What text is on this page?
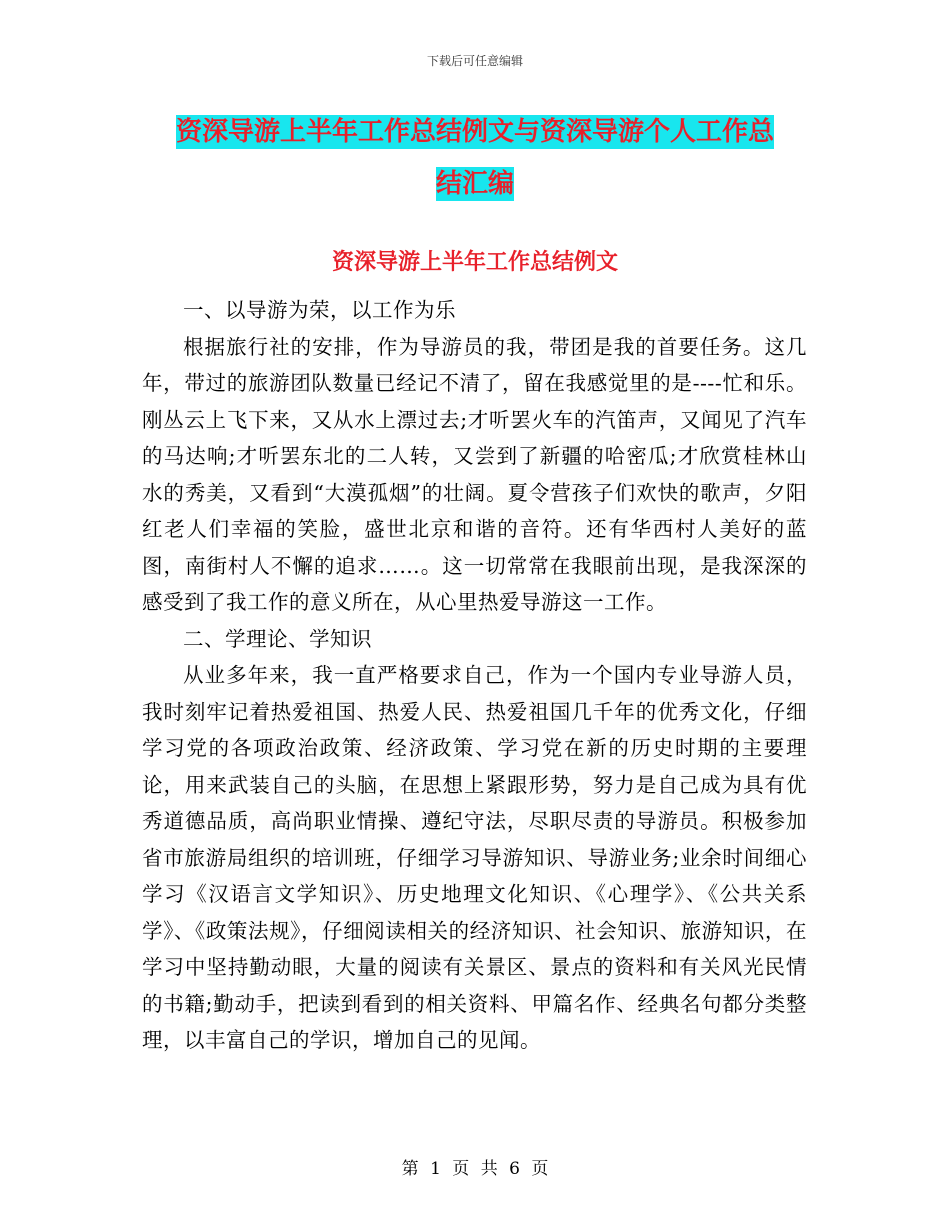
下载后可任意编辑
资深导游上半年工作总结例文与资深导游个人工作总
结汇编
资深导游上半年工作总结例文

一、以导游为荣，以工作为乐

根据旅行社的安排，作为导游员的我，带团是我的首要任务。这几年，带过的旅游团队数量已经记不清了，留在我感觉里的是----忙和乐。刚丛云上飞下来，又从水上漂过去;才听罢火车的汽笛声，又闻见了汽车的马达响;才听罢东北的二人转，又尝到了新疆的哈密瓜;才欣赏桂林山水的秀美，又看到“大漠孤烟”的壮阔。夏令营孩子们欢快的歌声，夕阳红老人们幸福的笑脸，盛世北京和谐的音符。还有华西村人美好的蓝图，南街村人不懈的追求……。这一切常常在我眼前出现，是我深深的感受到了我工作的意义所在，从心里热爱导游这一工作。

二、学理论、学知识

从业多年来，我一直严格要求自己，作为一个国内专业导游人员，我时刻牢记着热爱祖国、热爱人民、热爱祖国几千年的优秀文化，仔细学习党的各项政治政策、经济政策、学习党在新的历史时期的主要理论，用来武装自己的头脑，在思想上紧跟形势，努力是自己成为具有优秀道德品质，高尚职业情操、遵纪守法，尽职尽责的导游员。积极参加省市旅游局组织的培训班，仔细学习导游知识、导游业务;业余时间细心学习《汉语言文学知识》、历史地理文化知识、《心理学》、《公共关系学》、《政策法规》，仔细阅读相关的经济知识、社会知识、旅游知识，在学习中坚持勤动眼，大量的阅读有关景区、景点的资料和有关风光民情的书籍;勤动手，把读到看到的相关资料、甲篇名作、经典名句都分类整理，以丰富自己的学识，增加自己的见闻。

第 1 页 共 6 页
